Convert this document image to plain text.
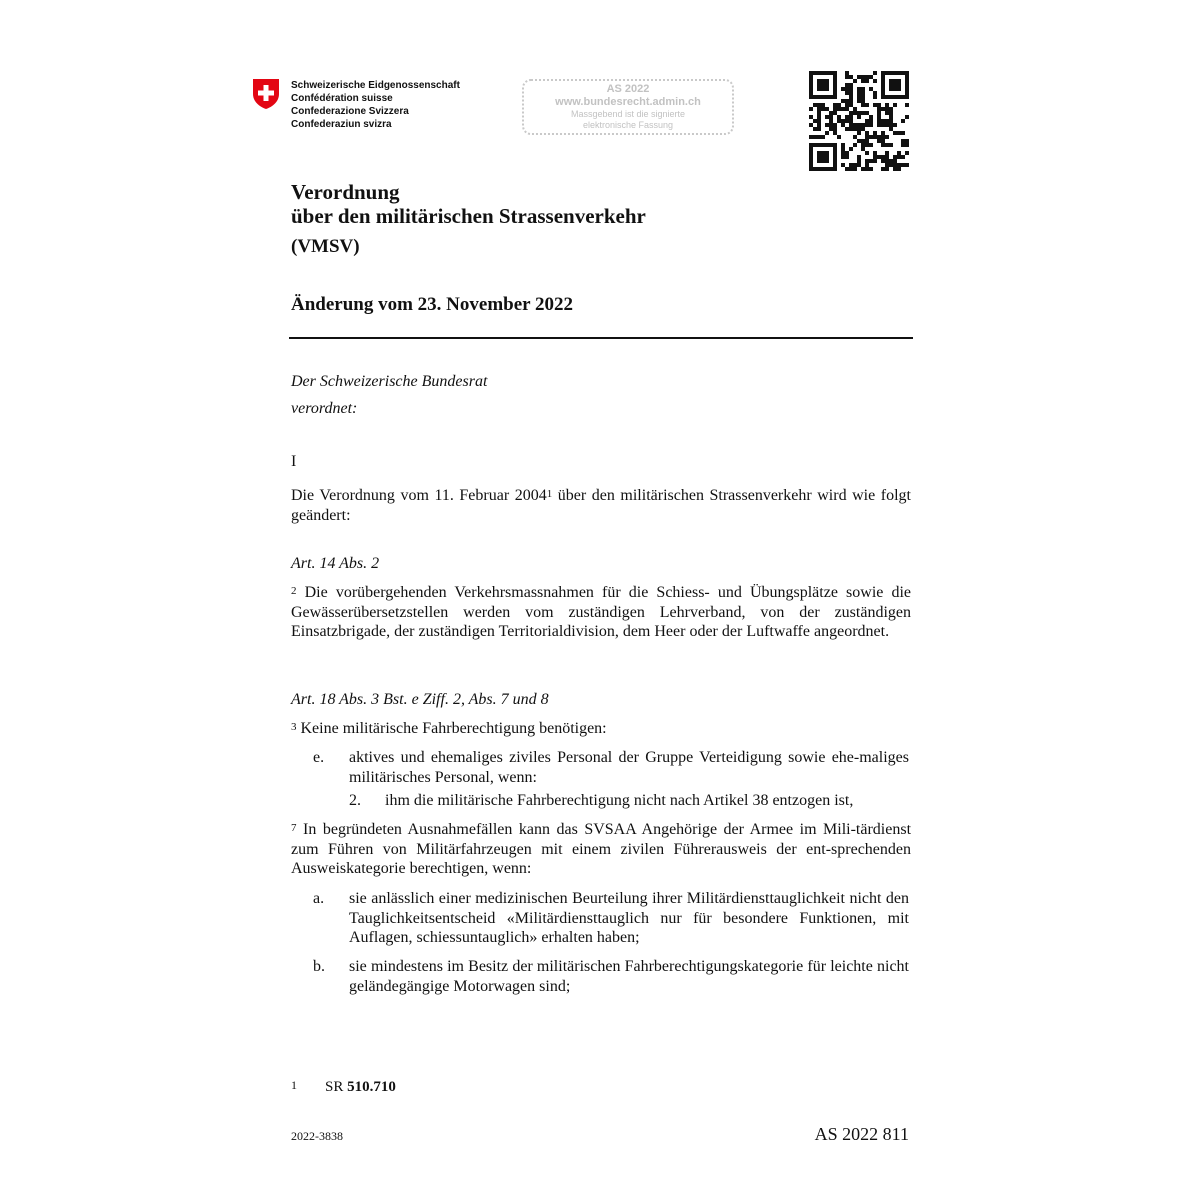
Schweizerische Eidgenossenschaft
Confédération suisse
Confederazione Svizzera
Confederaziun svizra
AS 2022
www.bundesrecht.admin.ch
Massgebend ist die signierte
elektronische Fassung
Verordnung
über den militärischen Strassenverkehr
(VMSV)
Änderung vom 23. November 2022
Der Schweizerische Bundesrat
verordnet:
I
Die Verordnung vom 11. Februar 2004$^1$ über den militärischen Strassenverkehr wird wie folgt geändert:
Art. 14 Abs. 2
$^2$ Die vorübergehenden Verkehrsmassnahmen für die Schiess- und Übungsplätze sowie die Gewässerübersetzstellen werden vom zuständigen Lehrverband, von der zuständigen Einsatzbrigade, der zuständigen Territorialdivision, dem Heer oder der Luftwaffe angeordnet.
Art. 18 Abs. 3 Bst. e Ziff. 2, Abs. 7 und 8
$^3$ Keine militärische Fahrberechtigung benötigen:
e. aktives und ehemaliges ziviles Personal der Gruppe Verteidigung sowie ehe-maliges militärisches Personal, wenn:
2. ihm die militärische Fahrberechtigung nicht nach Artikel 38 entzogen ist,
$^7$ In begründeten Ausnahmefällen kann das SVSAA Angehörige der Armee im Mili-tärdienst zum Führen von Militärfahrzeugen mit einem zivilen Führerausweis der ent-sprechenden Ausweiskategorie berechtigen, wenn:
a. sie anlässlich einer medizinischen Beurteilung ihrer Militärdiensttauglichkeit nicht den Tauglichkeitsentscheid «Militärdiensttauglich nur für besondere Funktionen, mit Auflagen, schiessuntauglich» erhalten haben;
b. sie mindestens im Besitz der militärischen Fahrberechtigungskategorie für leichte nicht geländegängige Motorwagen sind;
1 SR 510.710
2022-3838	AS 2022 811
